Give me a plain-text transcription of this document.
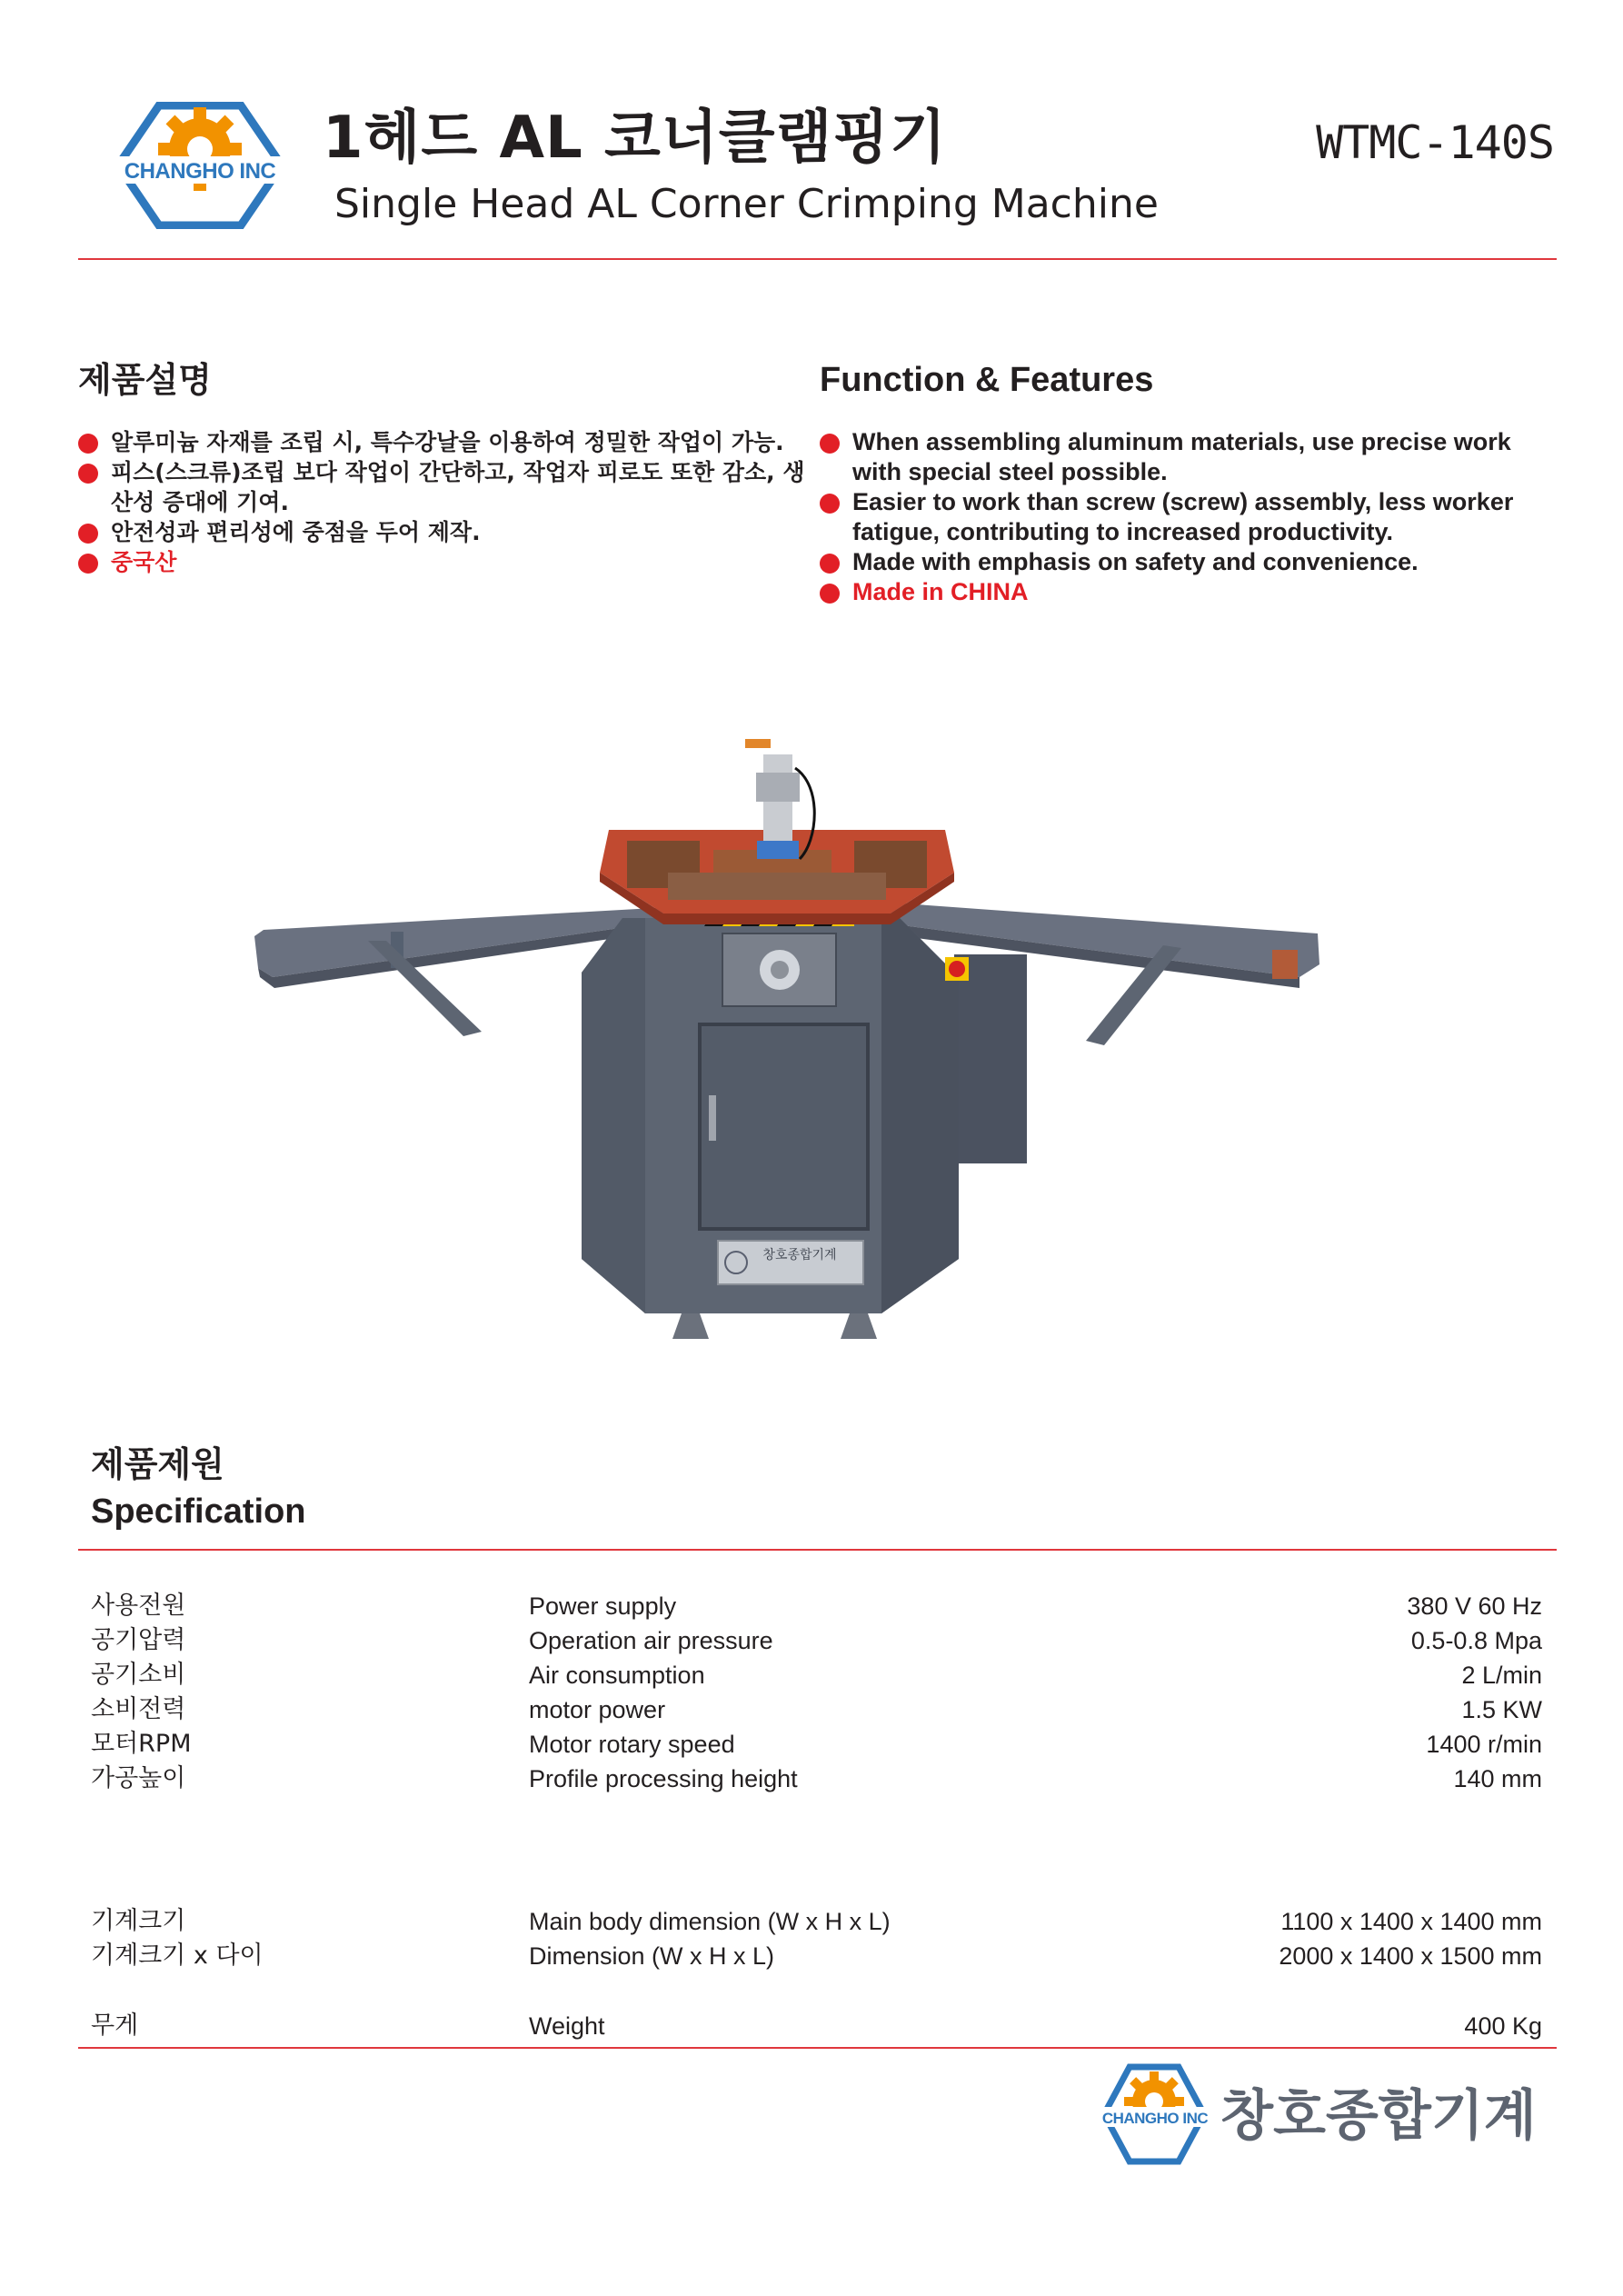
CHANGHO INC 1헤드 AL 코너클램핑기
Single Head AL Corner Crimping Machine
WTMC-140S
제품설명
알루미늄 자재를 조립 시, 특수강날을 이용하여 정밀한 작업이 가능.
피스(스크류)조립 보다 작업이 간단하고, 작업자 피로도 또한 감소, 생산성 증대에 기여.
안전성과 편리성에 중점을 두어 제작.
중국산
Function & Features
When assembling aluminum materials, use precise work with special steel possible.
Easier to work than screw (screw) assembly, less worker fatigue, contributing to increased productivity.
Made with emphasis on safety and convenience.
Made in CHINA
창호종합기계
제품제원
Specification
사용전원	Power supply	380 V 60 Hz
공기압력	Operation air pressure	0.5-0.8 Mpa
공기소비	Air consumption	2 L/min
소비전력	motor power	1.5 KW
모터RPM	Motor rotary speed	1400 r/min
가공높이	Profile processing height	140 mm
기계크기	Main body dimension (W x H x L)	1100 x 1400 x 1400 mm
기계크기 x 다이	Dimension (W x H x L)	2000 x 1400 x 1500 mm
무게	Weight	400 Kg
CHANGHO INC 창호종합기계
